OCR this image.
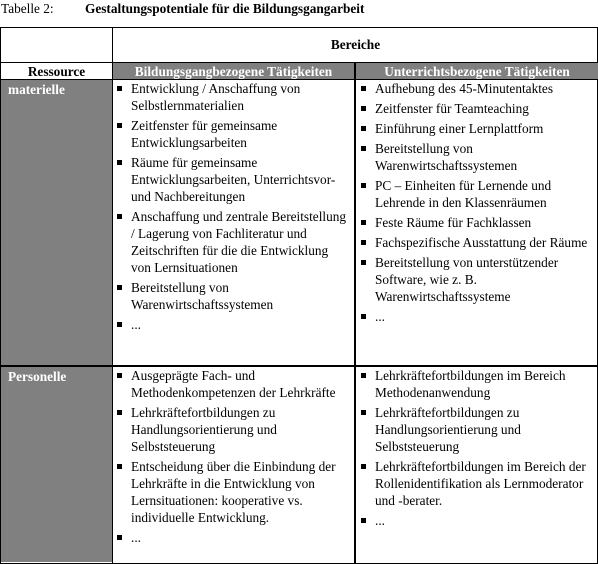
Tabelle 2: Gestaltungspotentiale für die Bildungsgangarbeit
Bereiche
Ressource	Bildungsgangbezogene Tätigkeiten	Unterrichtsbezogene Tätigkeiten
materielle
Personelle
Entwicklung / Anschaffung von Selbstlernmaterialien
Zeitfenster für gemeinsame Entwicklungsarbeiten
Räume für gemeinsame Entwicklungsarbeiten, Unterrichtsvor- und Nachbereitungen
Anschaffung und zentrale Bereitstellung / Lagerung von Fachliteratur und Zeitschriften für die die Entwicklung von Lernsituationen
Bereitstellung von Warenwirtschaftssystemen
...
Aufhebung des 45-Minutentaktes
Zeitfenster für Teamteaching
Einführung einer Lernplattform
Bereitstellung von Warenwirtschaftssystemen
PC – Einheiten für Lernende und Lehrende in den Klassenräumen
Feste Räume für Fachklassen
Fachspezifische Ausstattung der Räume
Bereitstellung von unterstützender Software, wie z. B. Warenwirtschaftssysteme
...
Ausgeprägte Fach- und Methodenkompetenzen der Lehrkräfte
Lehrkräftefortbildungen zu Handlungsorientierung und Selbststeuerung
Entscheidung über die Einbindung der Lehrkräfte in die Entwicklung von Lernsituationen: kooperative vs. individuelle Entwicklung.
...
Lehrkräftefortbildungen im Bereich Methodenanwendung
Lehrkräftefortbildungen zu Handlungsorientierung und Selbststeuerung
Lehrkräftefortbildungen im Bereich der Rollenidentifikation als Lernmoderator und -berater.
...
